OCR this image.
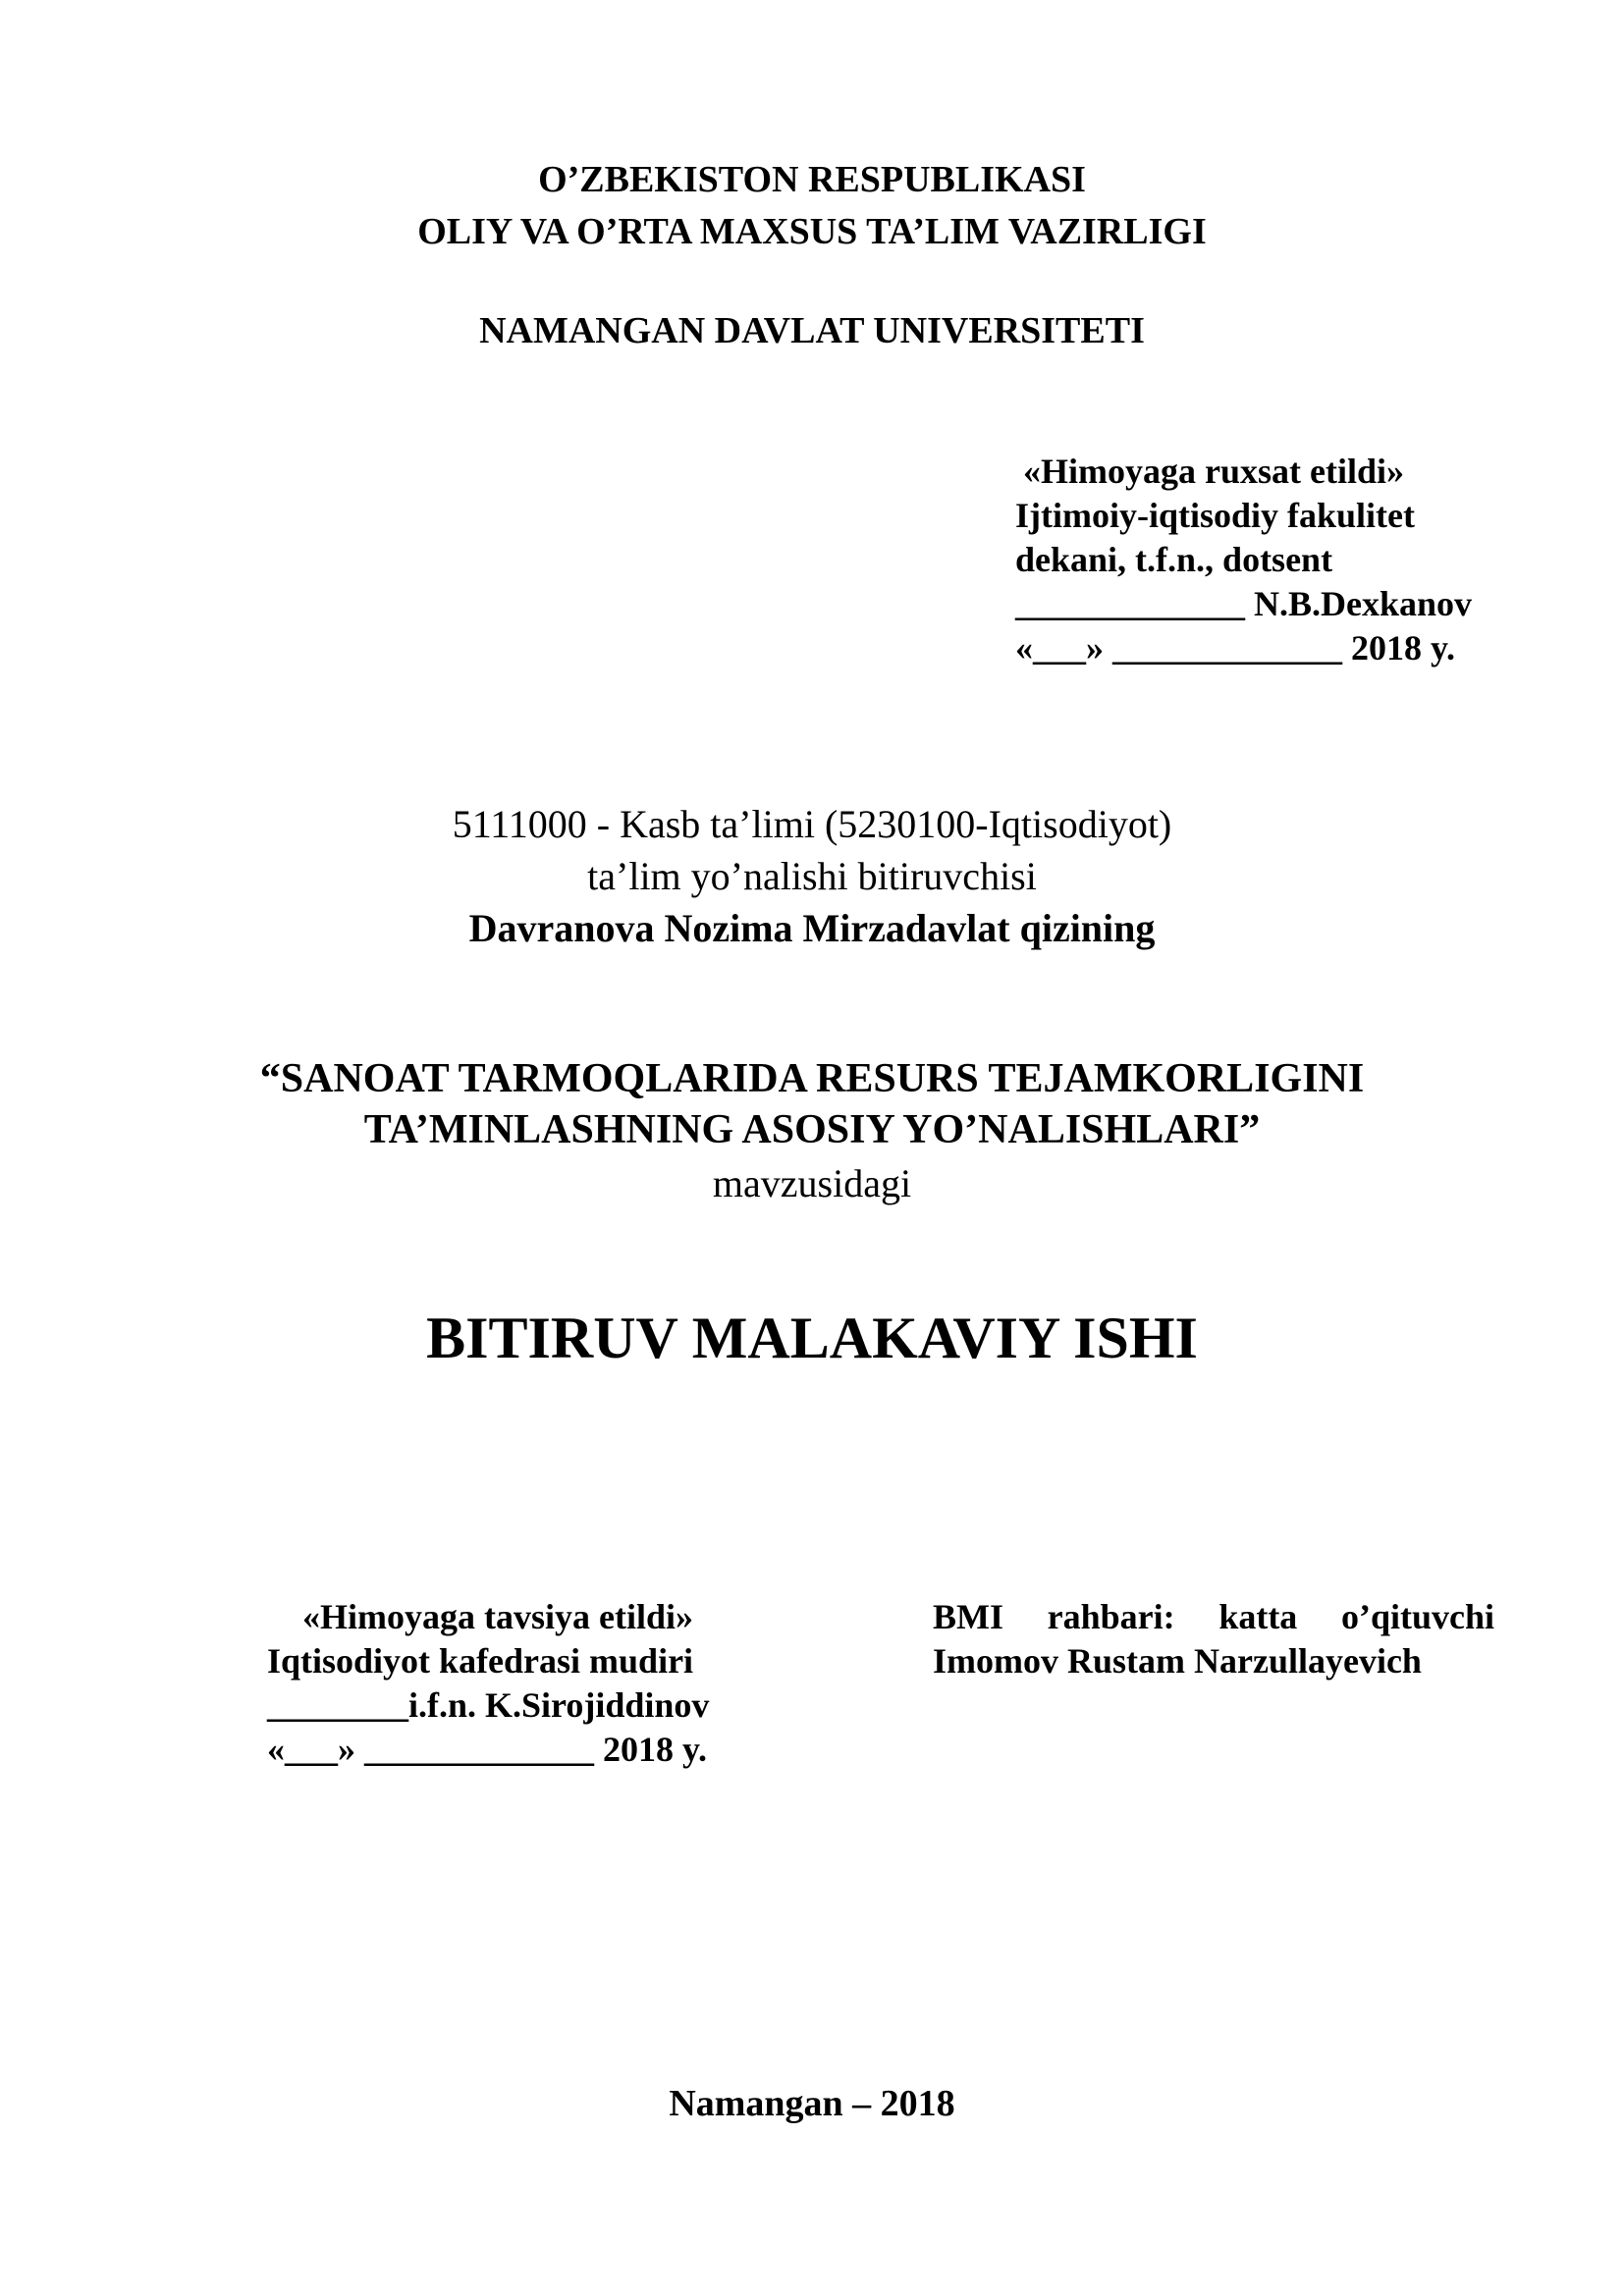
O’ZBEKISTON RESPUBLIKASI
OLIY VA O’RTA MAXSUS TA’LIM VAZIRLIGI
NAMANGAN DAVLAT UNIVERSITETI
«Himoyaga ruxsat etildi»
Ijtimoiy-iqtisodiy fakulitet
dekani, t.f.n., dotsent
_____________ N.B.Dexkanov
«___» _____________ 2018 y.
5111000 - Kasb ta’limi (5230100-Iqtisodiyot)
ta’lim yo’nalishi bitiruvchisi
Davranova Nozima Mirzadavlat qizining
“SANOAT TARMOQLARIDA RESURS TEJAMKORLIGINI
TA’MINLASHNING ASOSIY YO’NALISHLARI”
mavzusidagi
BITIRUV MALAKAVIY ISHI
«Himoyaga tavsiya etildi»
Iqtisodiyot kafedrasi mudiri
________i.f.n. K.Sirojiddinov
«___» _____________ 2018 y.
BMI rahbari: katta o’qituvchi
Imomov Rustam Narzullayevich
Namangan – 2018
